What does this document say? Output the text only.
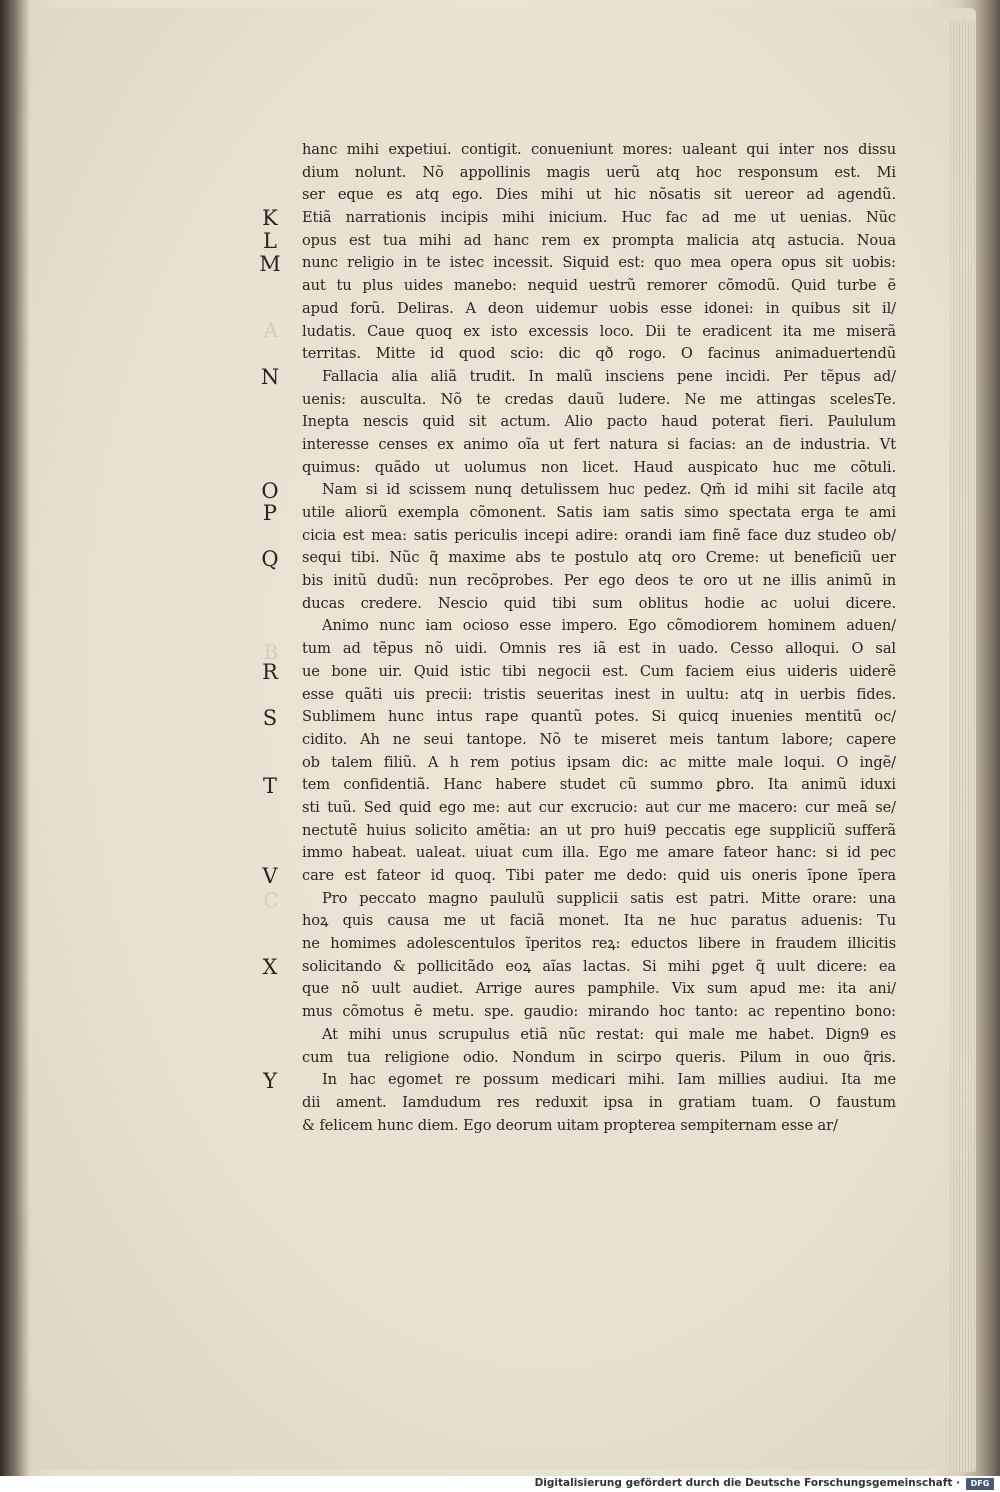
A
B
C
K
L
M
N
O
P
Q
R
S
T
V
X
Y
hanc mihi expetiui. contigit. conueniunt mores: ualeant qui inter nos dissu
dium nolunt. Nõ appollinis magis uerũ atq hoc responsum est. Mi
ser eque es atq ego. Dies mihi ut hic nõsatis sit uereor ad agendũ.
Etiã narrationis incipis mihi inicium. Huc fac ad me ut uenias. Nũc
opus est tua mihi ad hanc rem ex prompta malicia atq astucia. Noua
nunc religio in te istec incessit. Siquid est: quo mea opera opus sit uobis:
aut tu plus uides manebo: nequid uestrũ remorer cõmodũ. Quid turbe ẽ
apud forũ. Deliras. A deon uidemur uobis esse idonei: in quibus sit il/
ludatis. Caue quoq ex isto excessis loco. Dii te eradicent ita me miserã
territas. Mitte id quod scio: dic qð rogo. O facinus animaduertendũ
Fallacia alia aliã trudit. In malũ insciens pene incidi. Per tẽpus ad/
uenis: ausculta. Nõ te credas dauũ ludere. Ne me attingas scelesTe.
Inepta nescis quid sit actum. Alio pacto haud poterat fieri. Paululum
interesse censes ex animo oĩa ut fert natura si facias: an de industria. Vt
quimus: quãdo ut uolumus non licet. Haud auspicato huc me cõtuli.
Nam si id scissem nunq detulissem huc pedez. Qm̃ id mihi sit facile atq
utile aliorũ exempla cõmonent. Satis iam satis simo spectata erga te ami
cicia est mea: satis periculis incepi adire: orandi iam finẽ face duz studeo ob/
sequi tibi. Nũc q̃ maxime abs te postulo atq oro Creme: ut beneficiũ uer
bis initũ dudũ: nun recõprobes. Per ego deos te oro ut ne illis animũ in
ducas credere. Nescio quid tibi sum oblitus hodie ac uolui dicere.
Animo nunc iam ocioso esse impero. Ego cõmodiorem hominem aduen/
tum ad tẽpus nõ uidi. Omnis res iã est in uado. Cesso alloqui. O sal
ue bone uir. Quid istic tibi negocii est. Cum faciem eius uideris uiderẽ
esse quãti uis precii: tristis seueritas inest in uultu: atq in uerbis fides.
Sublimem hunc intus rape quantũ potes. Si quicq inuenies mentitũ oc/
cidito. Ah ne seui tantope. Nõ te miseret meis tantum labore; capere
ob talem filiũ. A h rem potius ipsam dic: ac mitte male loqui. O ingẽ/
tem confidentiã. Hanc habere studet cũ summo ꝑbro. Ita animũ iduxi
sti tuũ. Sed quid ego me: aut cur excrucio: aut cur me macero: cur meã se/
nectutẽ huius solicito amẽtia: an ut pro hui9 peccatis ege suppliciũ sufferã
immo habeat. ualeat. uiuat cum illa. Ego me amare fateor hanc: si id pec
care est fateor id quoq. Tibi pater me dedo: quid uis oneris ĩpone ĩpera
Pro peccato magno paululũ supplicii satis est patri. Mitte orare: una
hoꝝ quis causa me ut faciã monet. Ita ne huc paratus aduenis: Tu
ne homimes adolescentulos ĩperitos reꝝ: eductos libere in fraudem illicitis
solicitando & pollicitãdo eoꝝ aĩas lactas. Si mihi ꝑget q̃ uult dicere: ea
que nõ uult audiet. Arrige aures pamphile. Vix sum apud me: ita ani/
mus cõmotus ẽ metu. spe. gaudio: mirando hoc tanto: ac repentino bono:
At mihi unus scrupulus etiã nũc restat: qui male me habet. Dign9 es
cum tua religione odio. Nondum in scirpo queris. Pilum in ouo q̃ris.
In hac egomet re possum medicari mihi. Iam millies audiui. Ita me
dii ament. Iamdudum res reduxit ipsa in gratiam tuam. O faustum
& felicem hunc diem. Ego deorum uitam propterea sempiternam esse ar/
Digitalisierung gefördert durch die Deutsche Forschungsgemeinschaft ·	DFG
